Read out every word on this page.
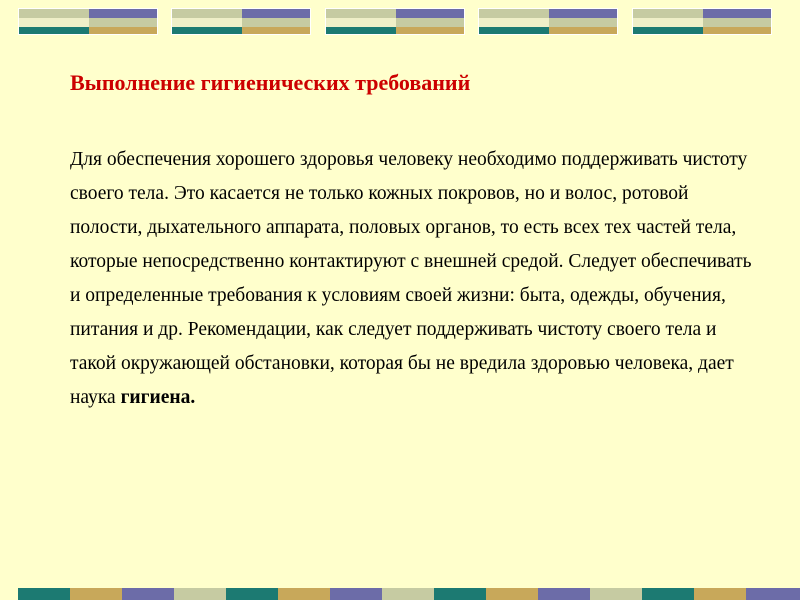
Выполнение гигиенических требований

Для обеспечения хорошего здоровья человеку необходимо поддерживать чистоту своего тела. Это касается не только кожных покровов, но и волос, ротовой полости, дыхательного аппарата, половых органов, то есть всех тех частей тела, которые непосредственно контактируют с внешней средой. Следует обеспечивать и определенные требования к условиям своей жизни: быта, одежды, обучения, питания и др. Рекомендации, как следует поддерживать чистоту своего тела и такой окружающей обстановки, которая бы не вредила здоровью человека, дает наука гигиена.
